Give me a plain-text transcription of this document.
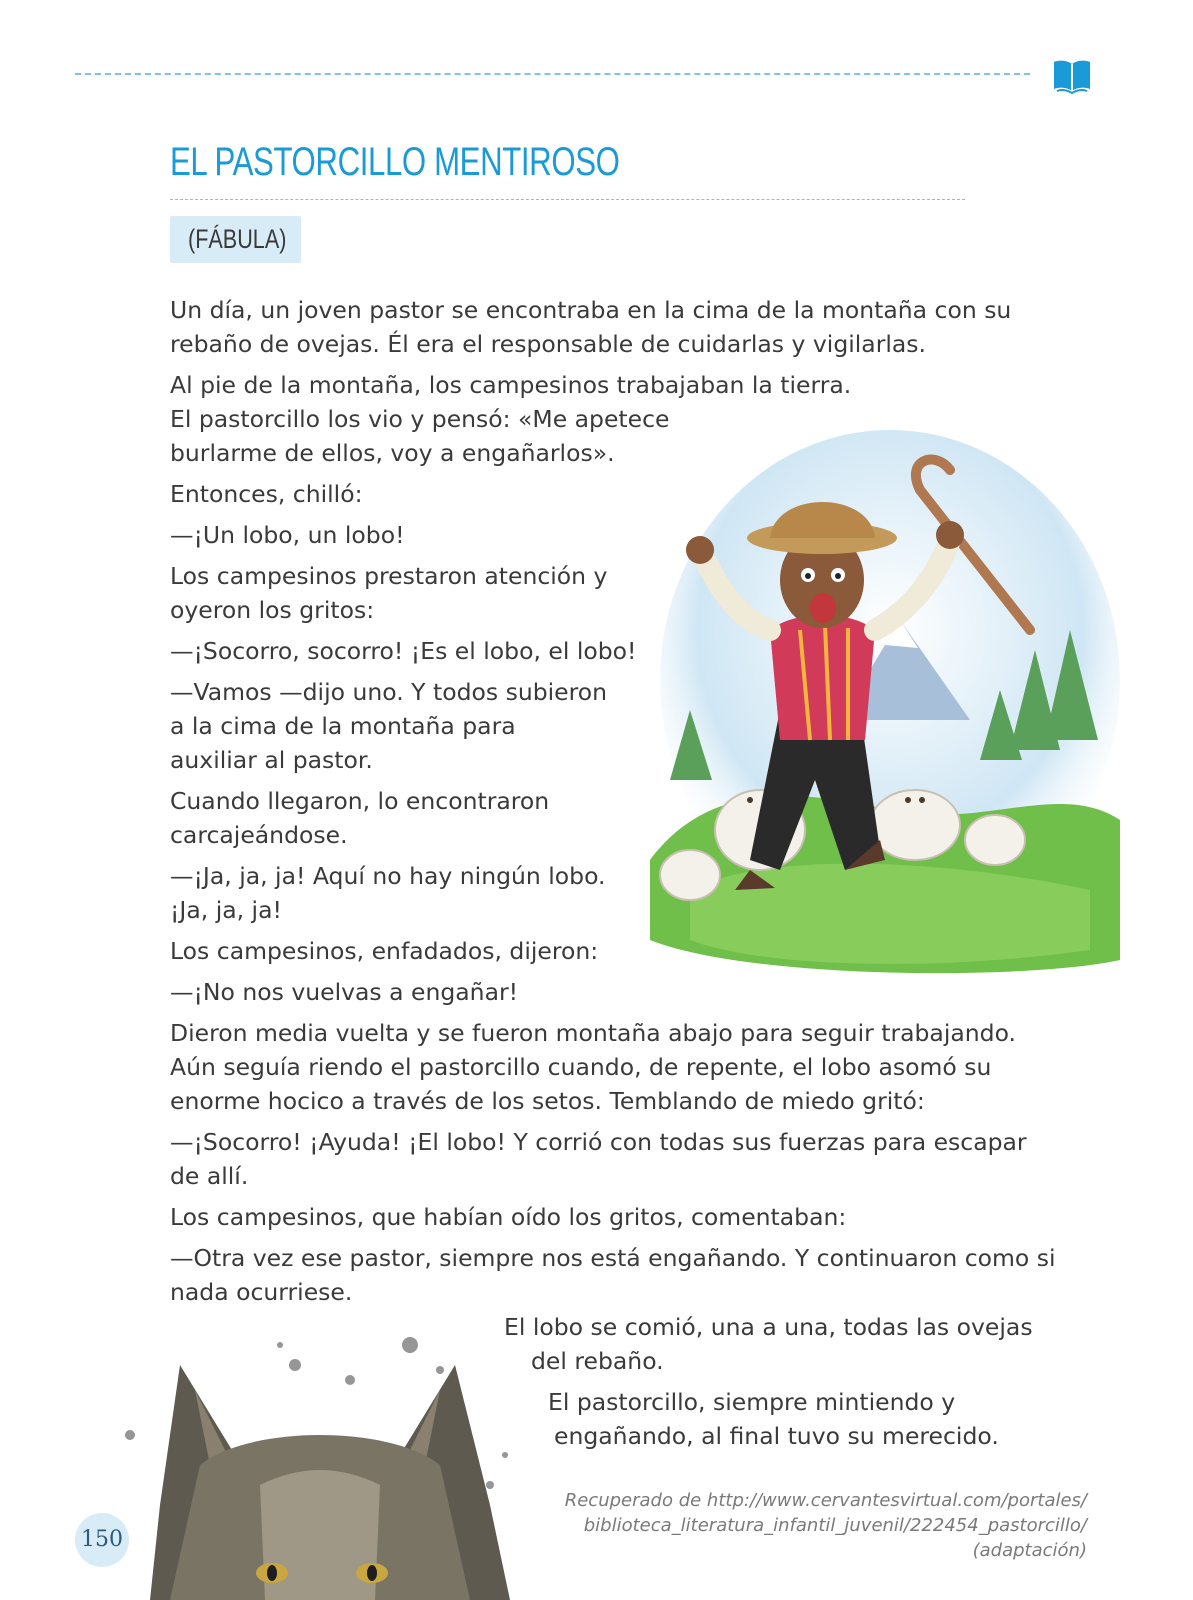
EL PASTORCILLO MENTIROSO
(FÁBULA)

Un día, un joven pastor se encontraba en la cima de la montaña con su

rebaño de ovejas. Él era el responsable de cuidarlas y vigilarlas.

Al pie de la montaña, los campesinos trabajaban la tierra.

El pastorcillo los vio y pensó: «Me apetece

burlarme de ellos, voy a engañarlos».

Entonces, chilló:

—¡Un lobo, un lobo!

Los campesinos prestaron atención y

oyeron los gritos:

—¡Socorro, socorro! ¡Es el lobo, el lobo!

—Vamos —dijo uno. Y todos subieron

a la cima de la montaña para

auxiliar al pastor.

Cuando llegaron, lo encontraron

carcajeándose.

—¡Ja, ja, ja! Aquí no hay ningún lobo.

¡Ja, ja, ja!

Los campesinos, enfadados, dijeron:

—¡No nos vuelvas a engañar!

Dieron media vuelta y se fueron montaña abajo para seguir trabajando.

Aún seguía riendo el pastorcillo cuando, de repente, el lobo asomó su

enorme hocico a través de los setos. Temblando de miedo gritó:

—¡Socorro! ¡Ayuda! ¡El lobo! Y corrió con todas sus fuerzas para escapar

de allí.

Los campesinos, que habían oído los gritos, comentaban:

—Otra vez ese pastor, siempre nos está engañando. Y continuaron como si

nada ocurriese.

El lobo se comió, una a una, todas las ovejas

del rebaño.

El pastorcillo, siempre mintiendo y

engañando, al final tuvo su merecido.

Recuperado de http://www.cervantesvirtual.com/portales/
biblioteca_literatura_infantil_juvenil/222454_pastorcillo/
(adaptación)

150
